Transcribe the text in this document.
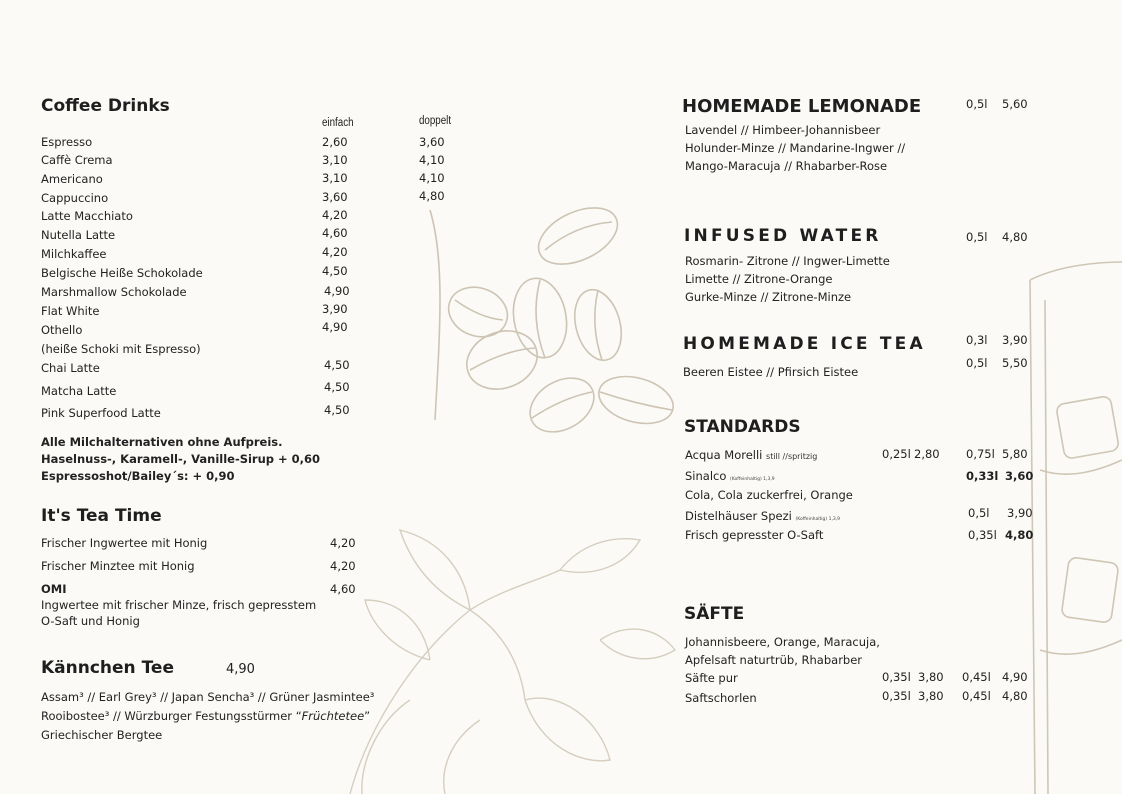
Coffee Drinks
einfach	doppelt
Espresso	2,60	3,60
Caffè Crema	3,10	4,10
Americano	3,10	4,10
Cappuccino	3,60	4,80
Latte Macchiato	4,20
Nutella Latte	4,60
Milchkaffee	4,20
Belgische Heiße Schokolade	4,50
Marshmallow Schokolade	4,90
Flat White	3,90
Othello	4,90
(heiße Schoki mit Espresso)
Chai Latte	4,50
Matcha Latte	4,50
Pink Superfood Latte	4,50
Alle Milchalternativen ohne Aufpreis.
Haselnuss-, Karamell-, Vanille-Sirup + 0,60
Espressoshot/Bailey´s: + 0,90
It's Tea Time
Frischer Ingwertee mit Honig	4,20
Frischer Minztee mit Honig	4,20
OMI	4,60
Ingwertee mit frischer Minze, frisch gepresstem
O-Saft und Honig
Kännchen Tee	4,90
Assam³ // Earl Grey³ // Japan Sencha³ // Grüner Jasmintee³
Rooibostee³ // Würzburger Festungsstürmer “Früchtetee”
Griechischer Bergtee
HOMEMADE LEMONADE	0,5l 5,60
Lavendel // Himbeer-Johannisbeer
Holunder-Minze // Mandarine-Ingwer //
Mango-Maracuja // Rhabarber-Rose
INFUSED WATER	0,5l 4,80
Rosmarin- Zitrone // Ingwer-Limette
Limette // Zitrone-Orange
Gurke-Minze // Zitrone-Minze
HOMEMADE ICE TEA	0,3l 3,90
0,5l 5,50
Beeren Eistee // Pfirsich Eistee
STANDARDS
Acqua Morelli still //spritzig	0,25l 2,80 0,75l 5,80
Sinalco (Koffeinhaltig) 1,3,9	0,33l 3,60
Cola, Cola zuckerfrei, Orange
Distelhäuser Spezi (Koffeinhaltig) 1,3,9	0,5l 3,90
Frisch gepresster O-Saft	0,35l 4,80
SÄFTE
Johannisbeere, Orange, Maracuja,
Apfelsaft naturtrüb, Rhabarber
Säfte pur	0,35l 3,80 0,45l 4,90
Saftschorlen	0,35l 3,80 0,45l 4,80
